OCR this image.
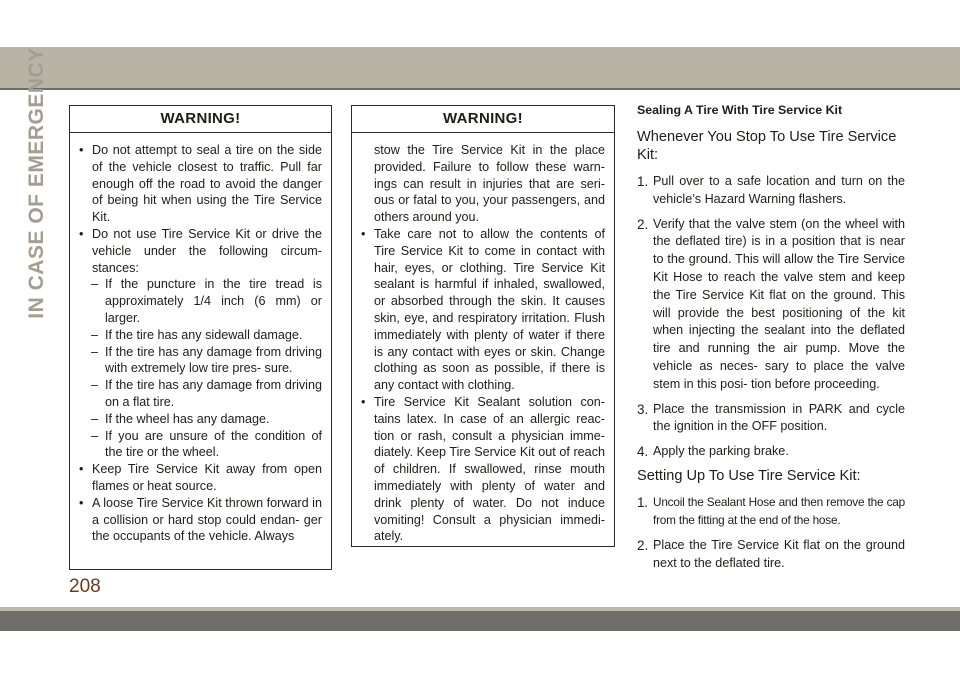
IN CASE OF EMERGENCY	WARNING!
• Do not attempt to seal a tire on the side of the vehicle closest to traffic. Pull far enough off the road to avoid the danger of being hit when using the Tire Service Kit.
• Do not use Tire Service Kit or drive the vehicle under the following circum- stances:
– If the puncture in the tire tread is approximately 1/4 inch (6 mm) or larger.
– If the tire has any sidewall damage.
– If the tire has any damage from driving with extremely low tire pres- sure.
– If the tire has any damage from driving on a flat tire.
– If the wheel has any damage.
– If you are unsure of the condition of the tire or the wheel.
• Keep Tire Service Kit away from open flames or heat source.
• A loose Tire Service Kit thrown forward in a collision or hard stop could endan- ger the occupants of the vehicle. Always
WARNING!
stow the Tire Service Kit in the place provided. Failure to follow these warn- ings can result in injuries that are seri- ous or fatal to you, your passengers, and others around you.
• Take care not to allow the contents of Tire Service Kit to come in contact with hair, eyes, or clothing. Tire Service Kit sealant is harmful if inhaled, swallowed, or absorbed through the skin. It causes skin, eye, and respiratory irritation. Flush immediately with plenty of water if there is any contact with eyes or skin. Change clothing as soon as possible, if there is any contact with clothing.
• Tire Service Kit Sealant solution con- tains latex. In case of an allergic reac- tion or rash, consult a physician imme- diately. Keep Tire Service Kit out of reach of children. If swallowed, rinse mouth immediately with plenty of water and drink plenty of water. Do not induce vomiting! Consult a physician immedi- ately.
Sealing A Tire With Tire Service Kit
Whenever You Stop To Use Tire Service Kit:
1. Pull over to a safe location and turn on the vehicle’s Hazard Warning flashers.
2. Verify that the valve stem (on the wheel with the deflated tire) is in a position that is near to the ground. This will allow the Tire Service Kit Hose to reach the valve stem and keep the Tire Service Kit flat on the ground. This will provide the best positioning of the kit when injecting the sealant into the deflated tire and running the air pump. Move the vehicle as neces- sary to place the valve stem in this posi- tion before proceeding.
3. Place the transmission in PARK and cycle the ignition in the OFF position.
4. Apply the parking brake.
Setting Up To Use Tire Service Kit:
1. Uncoil the Sealant Hose and then remove the cap from the fitting at the end of the hose.
2. Place the Tire Service Kit flat on the ground next to the deflated tire.
208
